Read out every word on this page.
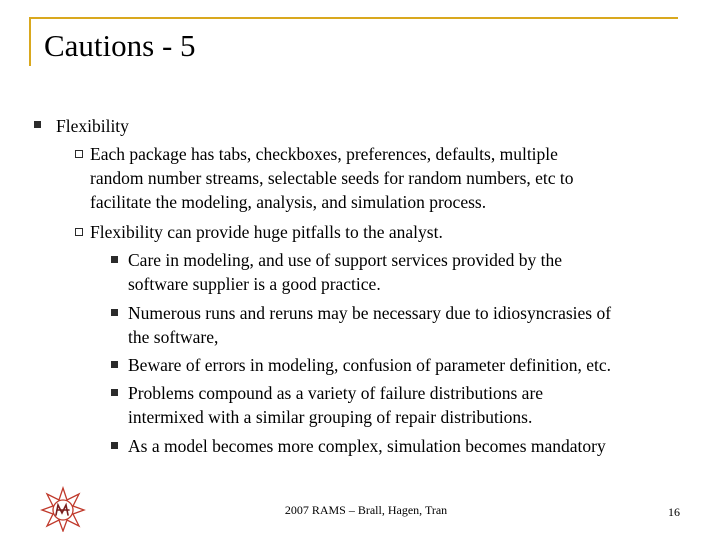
Cautions - 5
Flexibility
Each package has tabs, checkboxes, preferences, defaults, multiple
random number streams, selectable seeds for random numbers, etc to
facilitate the modeling, analysis, and simulation process.
Flexibility can provide huge pitfalls to the analyst.
Care in modeling, and use of support services provided by the
software supplier is a good practice.
Numerous runs and reruns may be necessary due to idiosyncrasies of
the software,
Beware of errors in modeling, confusion of parameter definition, etc.
Problems compound as a variety of failure distributions are
intermixed with a similar grouping of repair distributions.
As a model becomes more complex, simulation becomes mandatory
2007 RAMS – Brall, Hagen, Tran	16
